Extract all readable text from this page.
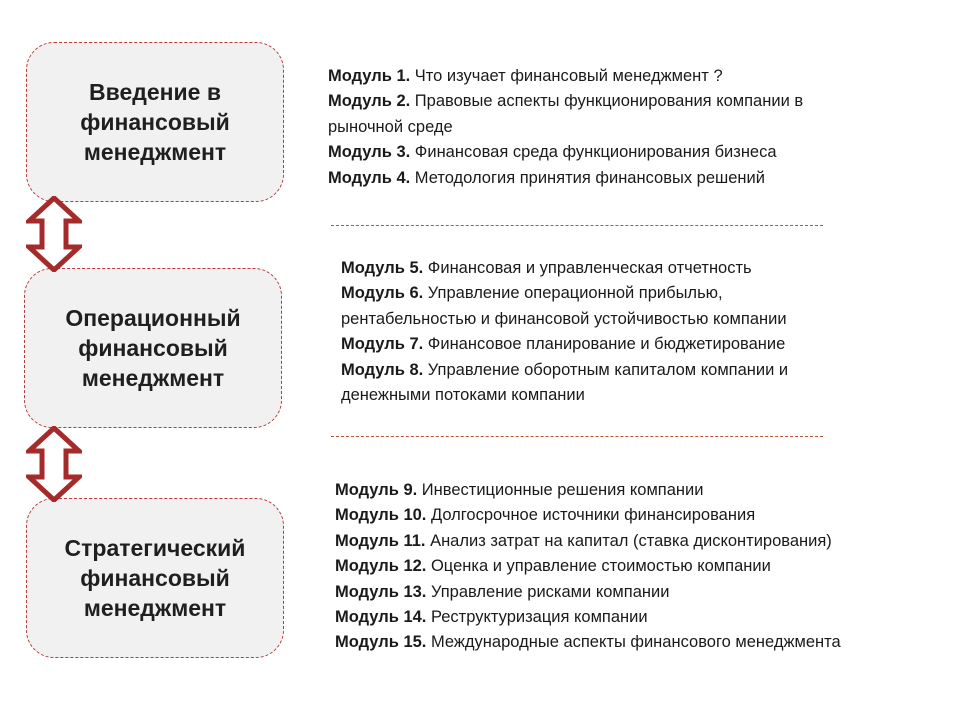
Введение в
финансовый
менеджмент
Операционный
финансовый
менеджмент
Стратегический
финансовый
менеджмент
Модуль 1. Что изучает финансовый менеджмент ?
Модуль 2. Правовые аспекты функционирования компании в
рыночной среде
Модуль 3. Финансовая среда функционирования бизнеса
Модуль 4. Методология принятия финансовых решений
Модуль 5. Финансовая и управленческая отчетность
Модуль 6. Управление операционной прибылью,
рентабельностью и финансовой устойчивостью компании
Модуль 7. Финансовое планирование и бюджетирование
Модуль 8. Управление оборотным капиталом компании и
денежными потоками компании
Модуль 9. Инвестиционные решения компании
Модуль 10. Долгосрочное источники финансирования
Модуль 11. Анализ затрат на капитал (ставка дисконтирования)
Модуль 12. Оценка и управление стоимостью компании
Модуль 13. Управление рисками компании
Модуль 14. Реструктуризация компании
Модуль 15. Международные аспекты финансового менеджмента
